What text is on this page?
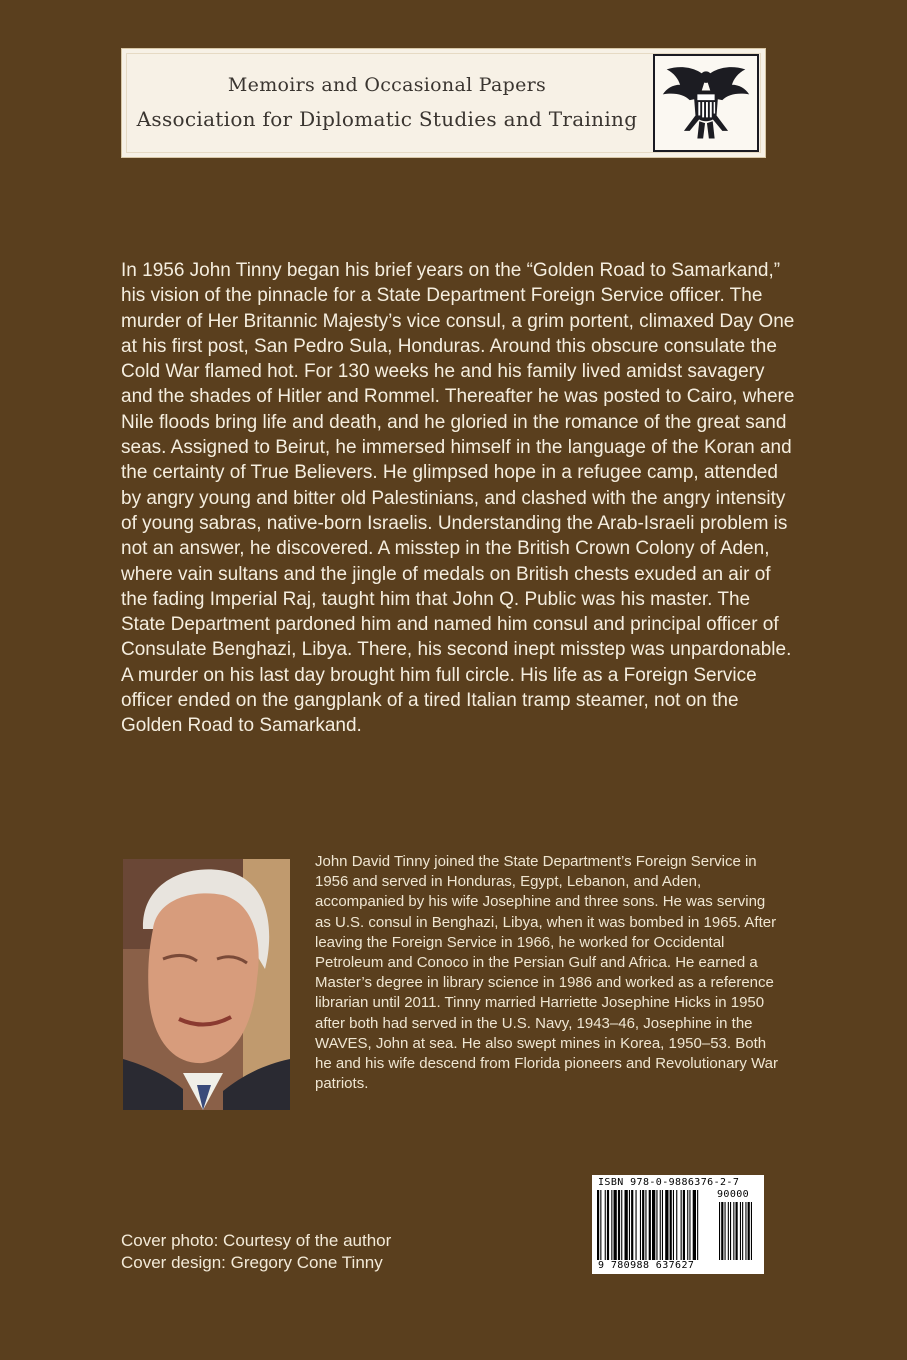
Memoirs and Occasional Papers
Association for Diplomatic Studies and Training

In 1956 John Tinny began his brief years on the “Golden Road to Samarkand,” his vision of the pinnacle for a State Department Foreign Service officer. The murder of Her Britannic Majesty’s vice consul, a grim portent, climaxed Day One at his first post, San Pedro Sula, Honduras. Around this obscure consulate the Cold War flamed hot. For 130 weeks he and his family lived amidst savagery and the shades of Hitler and Rommel. Thereafter he was posted to Cairo, where Nile floods bring life and death, and he gloried in the romance of the great sand seas. Assigned to Beirut, he immersed himself in the language of the Koran and the certainty of True Believers. He glimpsed hope in a refugee camp, attended by angry young and bitter old Palestinians, and clashed with the angry intensity of young sabras, native-born Israelis. Understanding the Arab-Israeli problem is not an answer, he discovered. A misstep in the British Crown Colony of Aden, where vain sultans and the jingle of medals on British chests exuded an air of the fading Imperial Raj, taught him that John Q. Public was his master. The State Department pardoned him and named him consul and principal officer of Consulate Benghazi, Libya. There, his second inept misstep was unpardonable. A murder on his last day brought him full circle. His life as a Foreign Service officer ended on the gangplank of a tired Italian tramp steamer, not on the Golden Road to Samarkand.

John David Tinny joined the State Department’s Foreign Service in 1956 and served in Honduras, Egypt, Lebanon, and Aden, accompanied by his wife Josephine and three sons. He was serving as U.S. consul in Benghazi, Libya, when it was bombed in 1965. After leaving the Foreign Service in 1966, he worked for Occidental Petroleum and Conoco in the Persian Gulf and Africa. He earned a Master’s degree in library science in 1986 and worked as a reference librarian until 2011. Tinny married Harriette Josephine Hicks in 1950 after both had served in the U.S. Navy, 1943–46, Josephine in the WAVES, John at sea. He also swept mines in Korea, 1950–53. Both he and his wife descend from Florida pioneers and Revolutionary War patriots.

Cover photo: Courtesy of the author
Cover design: Gregory Cone Tinny
ISBN 978-0-9886376-2-7
90000
9 780988 637627
